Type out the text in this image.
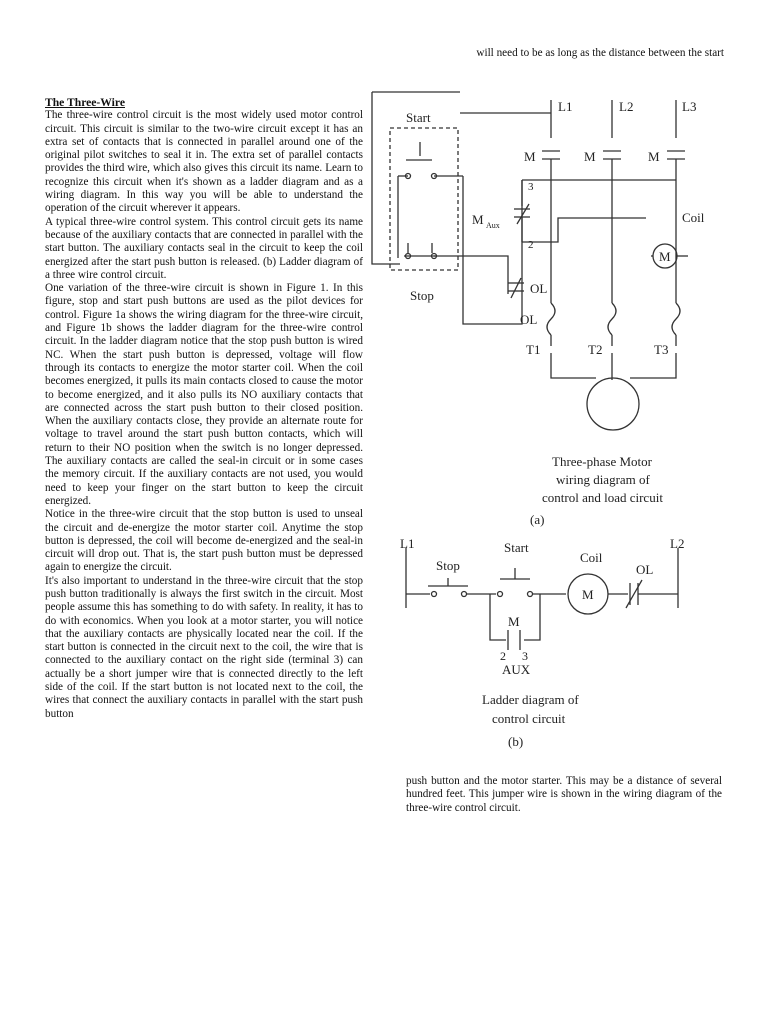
will need to be as long as the distance between the start
The Three-Wire

The three-wire control circuit is the most widely used motor control circuit. This circuit is similar to the two-wire circuit except it has an extra set of contacts that is connected in parallel around one of the original pilot switches to seal it in. The extra set of parallel contacts provides the third wire, which also gives this circuit its name. Learn to recognize this circuit when it's shown as a ladder diagram and as a wiring diagram. In this way you will be able to understand the operation of the circuit wherever it appears.

A typical three-wire control system. This control circuit gets its name because of the auxiliary contacts that are connected in parallel with the start button. The auxiliary contacts seal in the circuit to keep the coil energized after the start push button is released. (b) Ladder diagram of a three wire control circuit.

One variation of the three-wire circuit is shown in Figure 1. In this figure, stop and start push buttons are used as the pilot devices for control. Figure 1a shows the wiring diagram for the three-wire circuit, and Figure 1b shows the ladder diagram for the three-wire control circuit. In the ladder diagram notice that the stop push button is wired NC. When the start push button is depressed, voltage will flow through its contacts to energize the motor starter coil. When the coil becomes energized, it pulls its main contacts closed to cause the motor to become energized, and it also pulls its NO auxiliary contacts that are connected across the start push button to their closed position. When the auxiliary contacts close, they provide an alternate route for voltage to travel around the start push button contacts, which will return to their NO position when the switch is no longer depressed. The auxiliary contacts are called the seal-in circuit or in some cases the memory circuit. If the auxiliary contacts are not used, you would need to keep your finger on the start button to keep the circuit energized.

Notice in the three-wire circuit that the stop button is used to unseal the circuit and de-energize the motor starter coil. Anytime the stop button is depressed, the coil will become de-energized and the seal-in circuit will drop out. That is, the start push button must be depressed again to energize the circuit.

It's also important to understand in the three-wire circuit that the stop push button traditionally is always the first switch in the circuit. Most people assume this has something to do with safety. In reality, it has to do with economics. When you look at a motor starter, you will notice that the auxiliary contacts are physically located near the coil. If the start button is connected in the circuit next to the coil, the wire that is connected to the auxiliary contact on the right side (terminal 3) can actually be a short jumper wire that is connected directly to the left side of the coil. If the start button is not located next to the coil, the wires that connect the auxiliary contacts in parallel with the start push button

push button and the motor starter. This may be a distance of several hundred feet. This jumper wire is shown in the wiring diagram of the three-wire control circuit.

Start
Stop
L1	L2	L3
M	M	M
M Aux
3
2
Coil
M
OL
OL
T1	T2	T3
Three-phase Motor
wiring diagram of
control and load circuit
(a)
L1	L2
Stop
Start
Coil
OL
M
M
2 3
AUX
Ladder diagram of
control circuit
(b)
